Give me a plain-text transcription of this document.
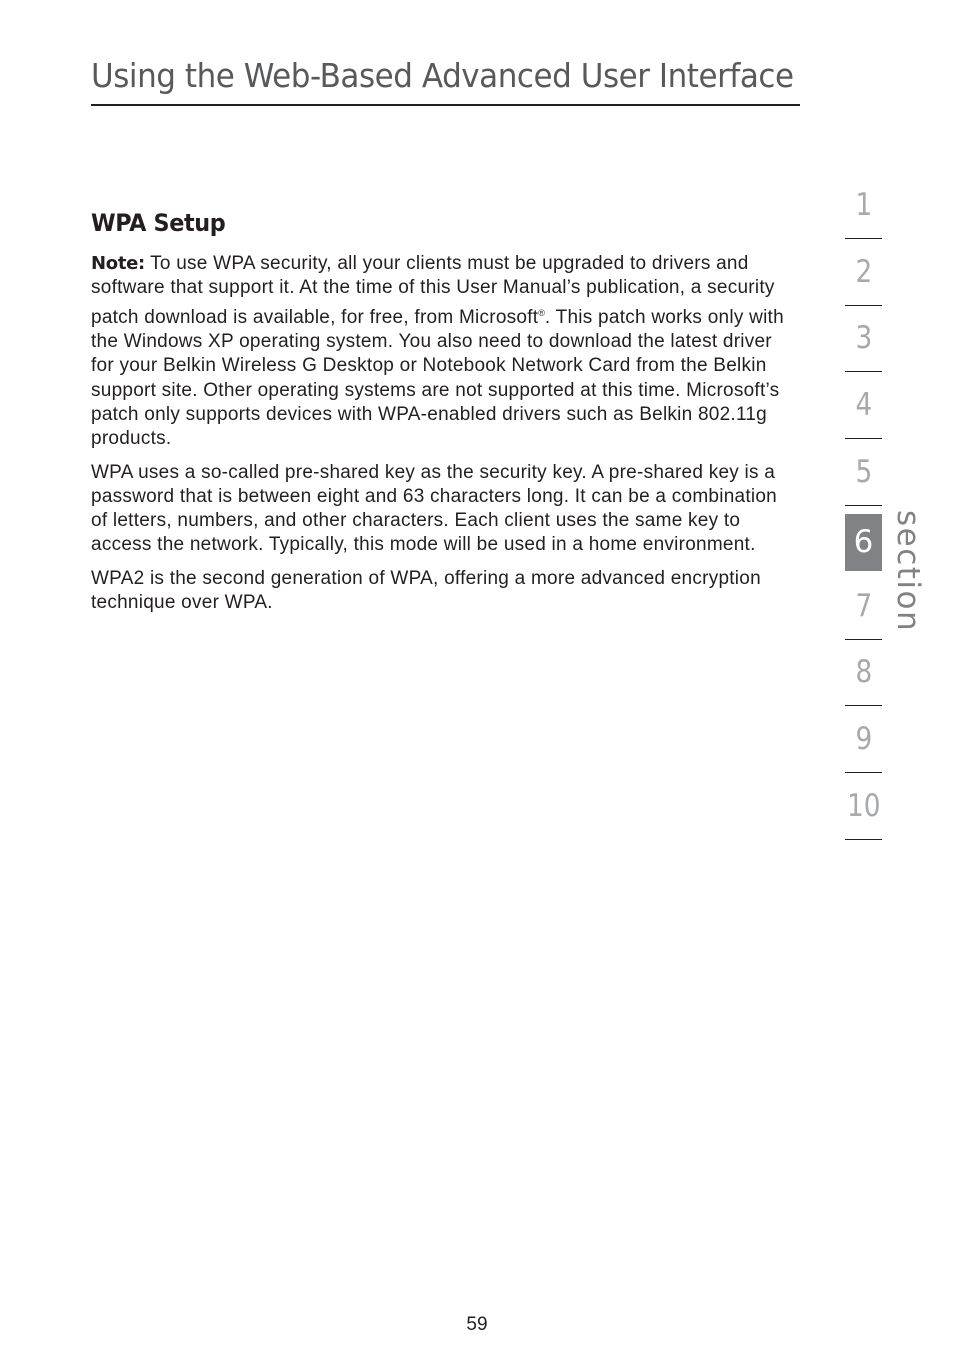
Using the Web-Based Advanced User Interface
WPA Setup

Note: To use WPA security, all your clients must be upgraded to drivers and software that support it. At the time of this User Manual’s publication, a security patch download is available, for free, from Microsoft®. This patch works only with the Windows XP operating system. You also need to download the latest driver for your Belkin Wireless G Desktop or Notebook Network Card from the Belkin support site. Other operating systems are not supported at this time. Microsoft’s patch only supports devices with WPA-enabled drivers such as Belkin 802.11g products.

WPA uses a so-called pre-shared key as the security key. A pre-shared key is a password that is between eight and 63 characters long. It can be a combination of letters, numbers, and other characters. Each client uses the same key to access the network. Typically, this mode will be used in a home environment.

WPA2 is the second generation of WPA, offering a more advanced encryption technique over WPA.

1
2
3
4
5
6
7
8
9
10
section
59
